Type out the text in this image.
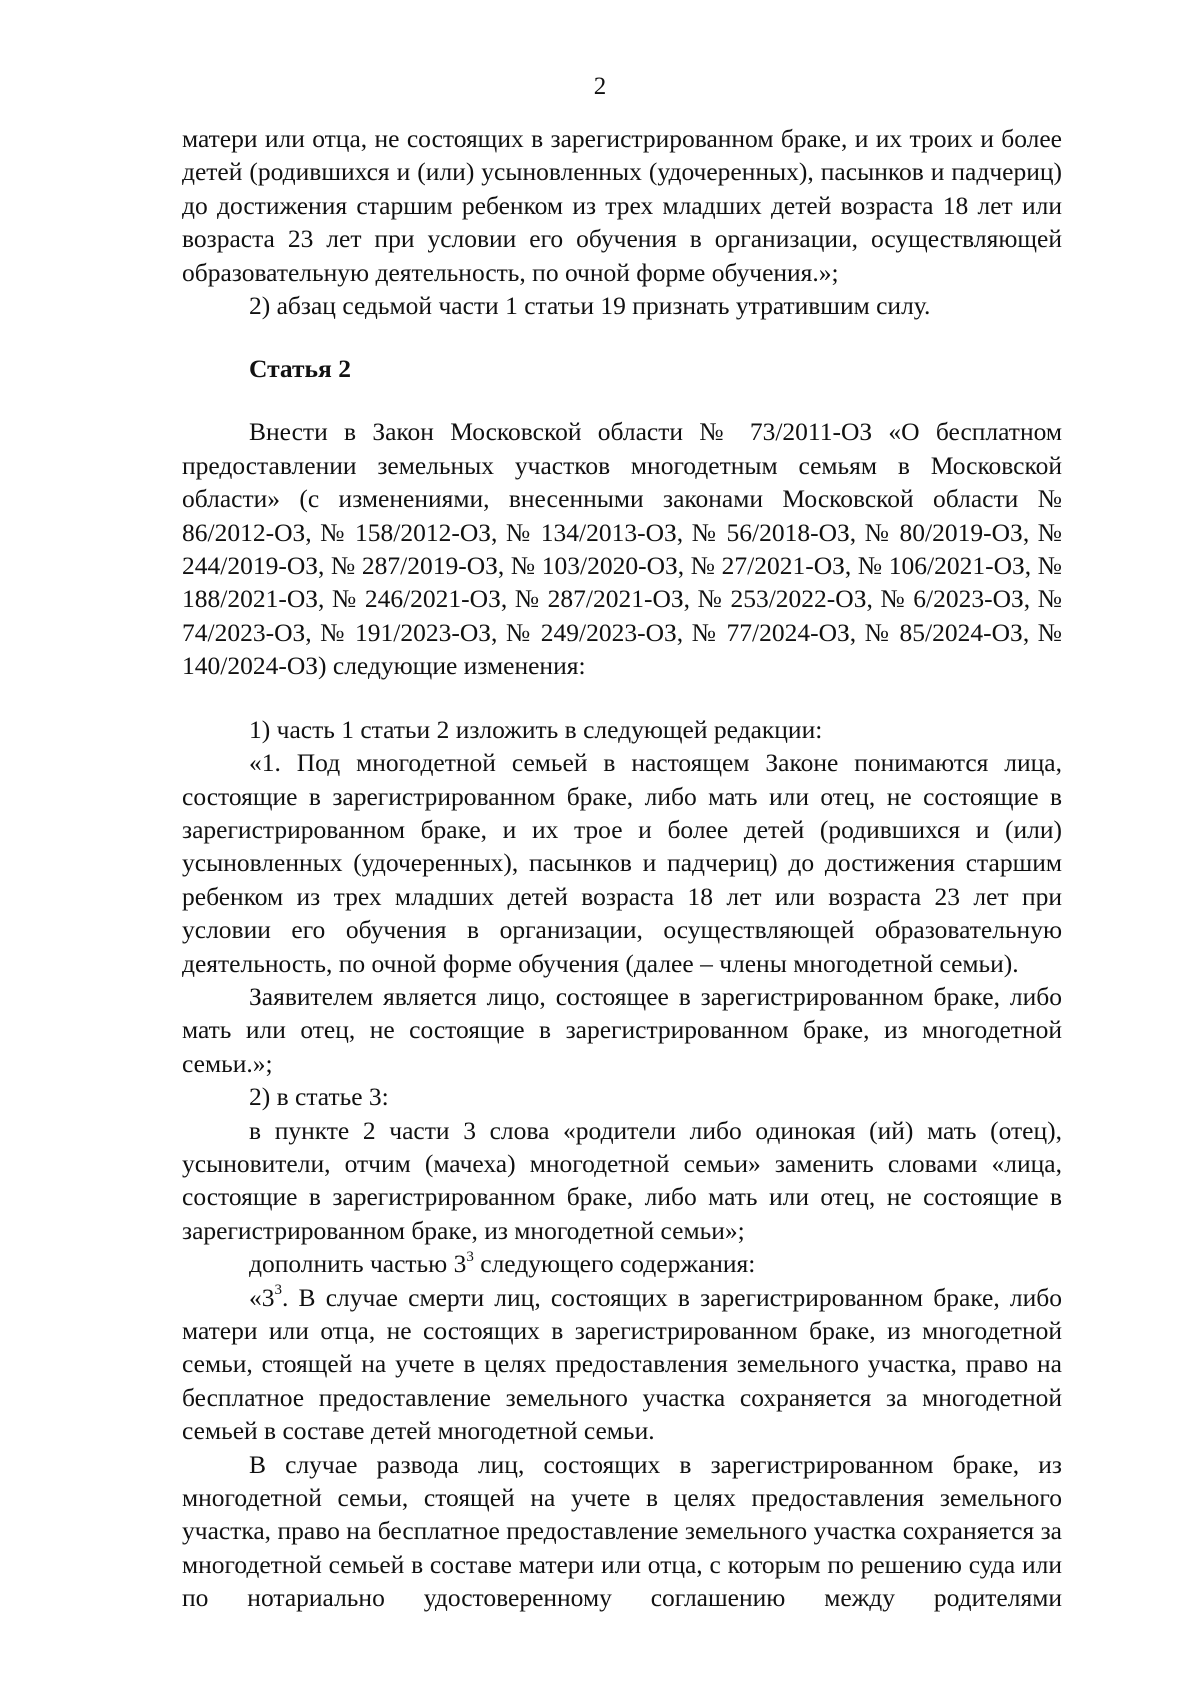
2

матери или отца, не состоящих в зарегистрированном браке, и их троих и более детей (родившихся и (или) усыновленных (удочеренных), пасынков и падчериц) до достижения старшим ребенком из трех младших детей возраста 18 лет или возраста 23 лет при условии его обучения в организации, осуществляющей образовательную деятельность, по очной форме обучения.»;

2) абзац седьмой части 1 статьи 19 признать утратившим силу.

Статья 2

Внести в Закон Московской области № 73/2011-ОЗ «О бесплатном предоставлении земельных участков многодетным семьям в Московской области» (с изменениями, внесенными законами Московской области № 86/2012-ОЗ, № 158/2012-ОЗ, № 134/2013-ОЗ, № 56/2018-ОЗ, № 80/2019-ОЗ, № 244/2019-ОЗ, № 287/2019-ОЗ, № 103/2020-ОЗ, № 27/2021-ОЗ, № 106/2021-ОЗ, № 188/2021-ОЗ, № 246/2021-ОЗ, № 287/2021-ОЗ, № 253/2022-ОЗ, № 6/2023-ОЗ, № 74/2023-ОЗ, № 191/2023-ОЗ, № 249/2023-ОЗ, № 77/2024-ОЗ, № 85/2024-ОЗ, № 140/2024-ОЗ) следующие изменения:

1) часть 1 статьи 2 изложить в следующей редакции:

«1. Под многодетной семьей в настоящем Законе понимаются лица, состоящие в зарегистрированном браке, либо мать или отец, не состоящие в зарегистрированном браке, и их трое и более детей (родившихся и (или) усыновленных (удочеренных), пасынков и падчериц) до достижения старшим ребенком из трех младших детей возраста 18 лет или возраста 23 лет при условии его обучения в организации, осуществляющей образовательную деятельность, по очной форме обучения (далее – члены многодетной семьи).

Заявителем является лицо, состоящее в зарегистрированном браке, либо мать или отец, не состоящие в зарегистрированном браке, из многодетной семьи.»;

2) в статье 3:

в пункте 2 части 3 слова «родители либо одинокая (ий) мать (отец), усыновители, отчим (мачеха) многодетной семьи» заменить словами «лица, состоящие в зарегистрированном браке, либо мать или отец, не состоящие в зарегистрированном браке, из многодетной семьи»;

дополнить частью $3^3$ следующего содержания:

«$3^3$. В случае смерти лиц, состоящих в зарегистрированном браке, либо матери или отца, не состоящих в зарегистрированном браке, из многодетной семьи, стоящей на учете в целях предоставления земельного участка, право на бесплатное предоставление земельного участка сохраняется за многодетной семьей в составе детей многодетной семьи.

В случае развода лиц, состоящих в зарегистрированном браке, из многодетной семьи, стоящей на учете в целях предоставления земельного участка, право на бесплатное предоставление земельного участка сохраняется за многодетной семьей в составе матери или отца, с которым по решению суда или по нотариально удостоверенному соглашению между родителями
